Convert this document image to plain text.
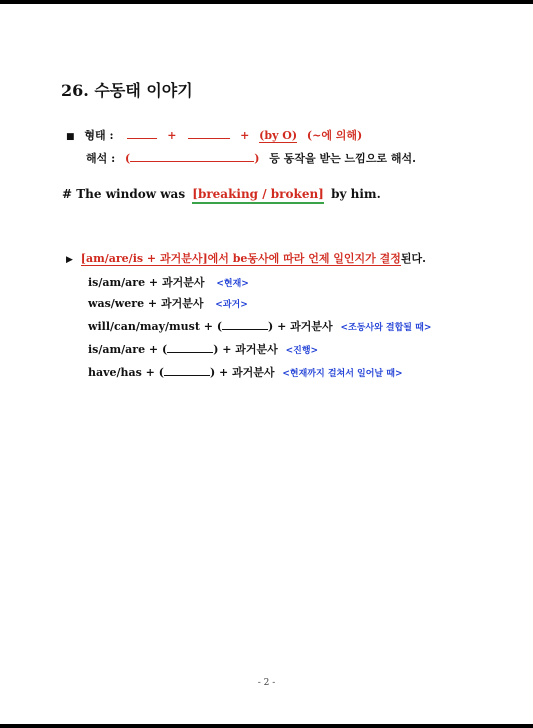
26. 수동태 이야기
■ 형태 :	+	+ (by O) (~에 의해)
해석 : (	) 등 동작을 받는 느낌으로 해석.
# The window was [breaking / broken] by him.
▶ [am/are/is + 과거분사]에서 be동사에 따라 언제 일인지가 결정된다.
is/am/are + 과거분사 <현재>
was/were + 과거분사 <과거>
will/can/may/must + (	) + 과거분사 <조동사와 결합될 때>
is/am/are + (	) + 과거분사 <진행>
have/has + (	) + 과거분사 <현재까지 걸쳐서 일어날 때>
- 2 -
